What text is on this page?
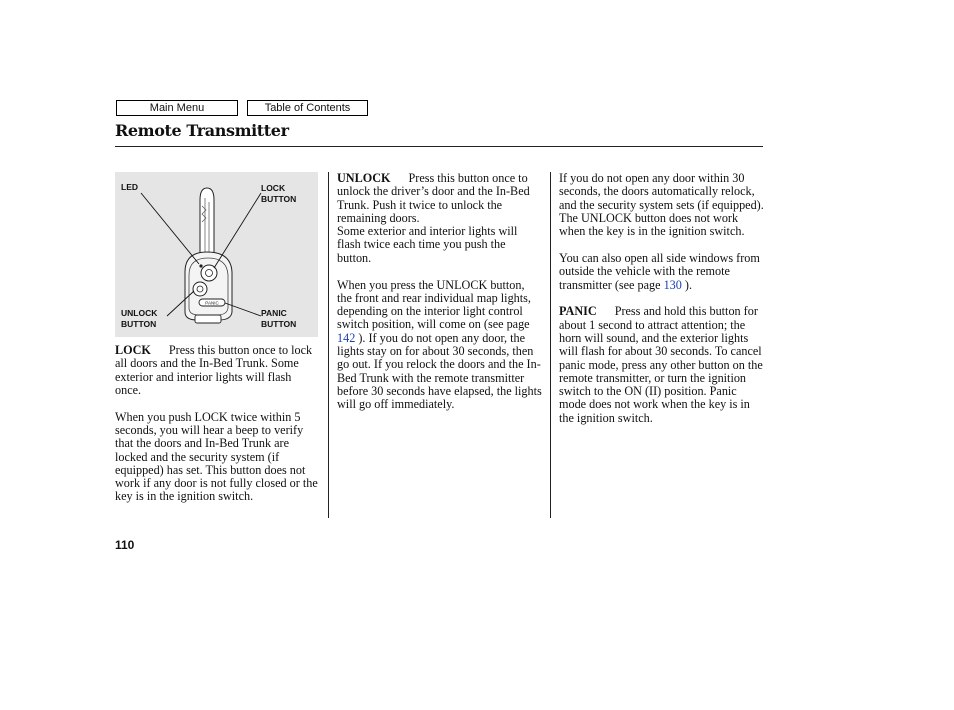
Main Menu	Table of Contents
Remote Transmitter
PANIC
LED	LOCK
BUTTON
UNLOCK
BUTTON
PANIC
BUTTON

LOCK Press this button once to lock all doors and the In-Bed Trunk. Some exterior and interior lights will flash once.

When you push LOCK twice within 5 seconds, you will hear a beep to verify that the doors and In-Bed Trunk are locked and the security system (if equipped) has set. This button does not work if any door is not fully closed or the key is in the ignition switch.

UNLOCK Press this button once to unlock the driver’s door and the In-Bed Trunk. Push it twice to unlock the remaining doors.

Some exterior and interior lights will flash twice each time you push the button.

When you press the UNLOCK button, the front and rear individual map lights, depending on the interior light control switch position, will come on (see page 142 ). If you do not open any door, the lights stay on for about 30 seconds, then go out. If you relock the doors and the In-Bed Trunk with the remote transmitter before 30 seconds have elapsed, the lights will go off immediately.

If you do not open any door within 30 seconds, the doors automatically relock, and the security system sets (if equipped). The UNLOCK button does not work when the key is in the ignition switch.

You can also open all side windows from outside the vehicle with the remote transmitter (see page 130 ).

PANIC Press and hold this button for about 1 second to attract attention; the horn will sound, and the exterior lights will flash for about 30 seconds. To cancel panic mode, press any other button on the remote transmitter, or turn the ignition switch to the ON (II) position. Panic mode does not work when the key is in the ignition switch.

110
